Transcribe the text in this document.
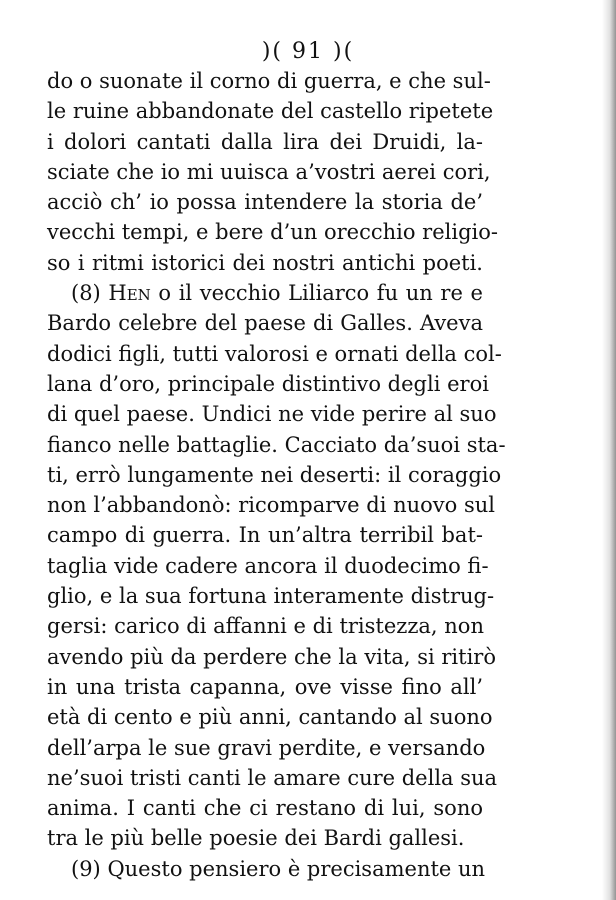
)( 91 )(
do o suonate il corno di guerra, e che sul-
le ruine abbandonate del castello ripetete
i dolori cantati dalla lira dei Druidi, la-
sciate che io mi uuisca a’vostri aerei cori,
acciò ch’ io possa intendere la storia de’
vecchi tempi, e bere d’un orecchio religio-
so i ritmi istorici dei nostri antichi poeti.
(8) Hen o il vecchio Liliarco fu un re e
Bardo celebre del paese di Galles. Aveva
dodici figli, tutti valorosi e ornati della col-
lana d’oro, principale distintivo degli eroi
di quel paese. Undici ne vide perire al suo
fianco nelle battaglie. Cacciato da’suoi sta-
ti, errò lungamente nei deserti: il coraggio
non l’abbandonò: ricomparve di nuovo sul
campo di guerra. In un’altra terribil bat-
taglia vide cadere ancora il duodecimo fi-
glio, e la sua fortuna interamente distrug-
gersi: carico di affanni e di tristezza, non
avendo più da perdere che la vita, si ritirò
in una trista capanna, ove visse fino all’
età di cento e più anni, cantando al suono
dell’arpa le sue gravi perdite, e versando
ne’suoi tristi canti le amare cure della sua
anima. I canti che ci restano di lui, sono
tra le più belle poesie dei Bardi gallesi.
(9) Questo pensiero è precisamente un
